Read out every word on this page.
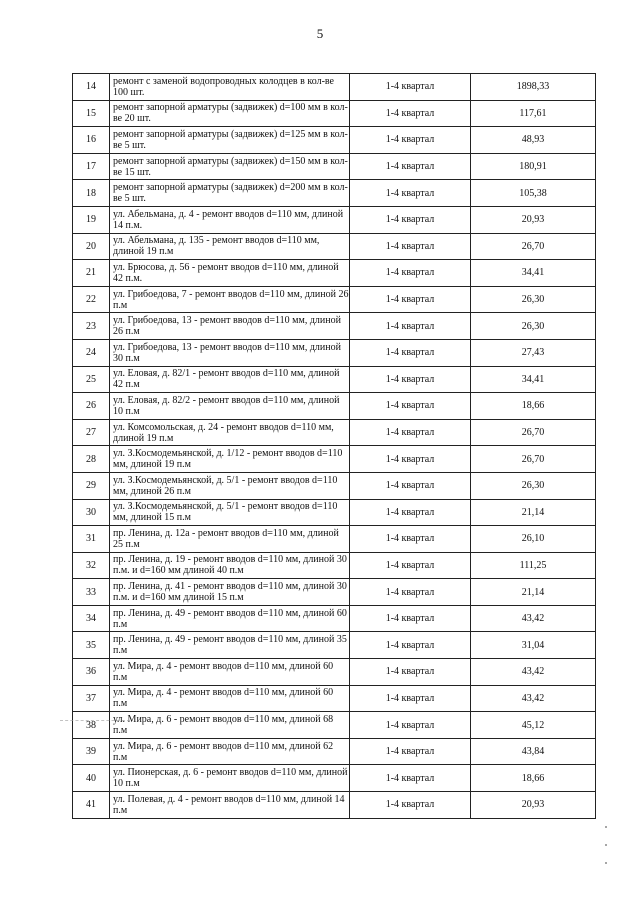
5
14	ремонт с заменой водопроводных колодцев в кол-ве 100 шт.	1-4 квартал	1898,33
15	ремонт запорной арматуры (задвижек) d=100 мм в кол-ве 20 шт.	1-4 квартал	117,61
16	ремонт запорной арматуры (задвижек) d=125 мм в кол-ве 5 шт.	1-4 квартал	48,93
17	ремонт запорной арматуры (задвижек) d=150 мм в кол-ве 15 шт.	1-4 квартал	180,91
18	ремонт запорной арматуры (задвижек) d=200 мм в кол-ве 5 шт.	1-4 квартал	105,38
19	ул. Абельмана, д. 4 - ремонт вводов d=110 мм, длиной 14 п.м.	1-4 квартал	20,93
20	ул. Абельмана, д. 135 - ремонт вводов d=110 мм, длиной 19 п.м	1-4 квартал	26,70
21	ул. Брюсова, д. 56 - ремонт вводов d=110 мм, длиной 42 п.м.	1-4 квартал	34,41
22	ул. Грибоедова, 7 - ремонт вводов d=110 мм, длиной 26 п.м	1-4 квартал	26,30
23	ул. Грибоедова, 13 - ремонт вводов d=110 мм, длиной 26 п.м	1-4 квартал	26,30
24	ул. Грибоедова, 13 - ремонт вводов d=110 мм, длиной 30 п.м	1-4 квартал	27,43
25	ул. Еловая, д. 82/1 - ремонт вводов d=110 мм, длиной 42 п.м	1-4 квартал	34,41
26	ул. Еловая, д. 82/2 - ремонт вводов d=110 мм, длиной 10 п.м	1-4 квартал	18,66
27	ул. Комсомольская, д. 24 - ремонт вводов d=110 мм, длиной 19 п.м	1-4 квартал	26,70
28	ул. З.Космодемьянской, д. 1/12 - ремонт вводов d=110 мм, длиной 19 п.м	1-4 квартал	26,70
29	ул. З.Космодемьянской, д. 5/1 - ремонт вводов d=110 мм, длиной 26 п.м	1-4 квартал	26,30
30	ул. З.Космодемьянской, д. 5/1 - ремонт вводов d=110 мм, длиной 15 п.м	1-4 квартал	21,14
31	пр. Ленина, д. 12а - ремонт вводов d=110 мм, длиной 25 п.м	1-4 квартал	26,10
32	пр. Ленина, д. 19 - ремонт вводов d=110 мм, длиной 30 п.м. и d=160 мм длиной 40 п.м	1-4 квартал	111,25
33	пр. Ленина, д. 41 - ремонт вводов d=110 мм, длиной 30 п.м. и d=160 мм длиной 15 п.м	1-4 квартал	21,14
34	пр. Ленина, д. 49 - ремонт вводов d=110 мм, длиной 60 п.м	1-4 квартал	43,42
35	пр. Ленина, д. 49 - ремонт вводов d=110 мм, длиной 35 п.м	1-4 квартал	31,04
36	ул. Мира, д. 4 - ремонт вводов d=110 мм, длиной 60 п.м	1-4 квартал	43,42
37	ул. Мира, д. 4 - ремонт вводов d=110 мм, длиной 60 п.м	1-4 квартал	43,42
38	ул. Мира, д. 6 - ремонт вводов d=110 мм, длиной 68 п.м	1-4 квартал	45,12
39	ул. Мира, д. 6 - ремонт вводов d=110 мм, длиной 62 п.м	1-4 квартал	43,84
40	ул. Пионерская, д. 6 - ремонт вводов d=110 мм, длиной 10 п.м	1-4 квартал	18,66
41	ул. Полевая, д. 4 - ремонт вводов d=110 мм, длиной 14 п.м	1-4 квартал	20,93
